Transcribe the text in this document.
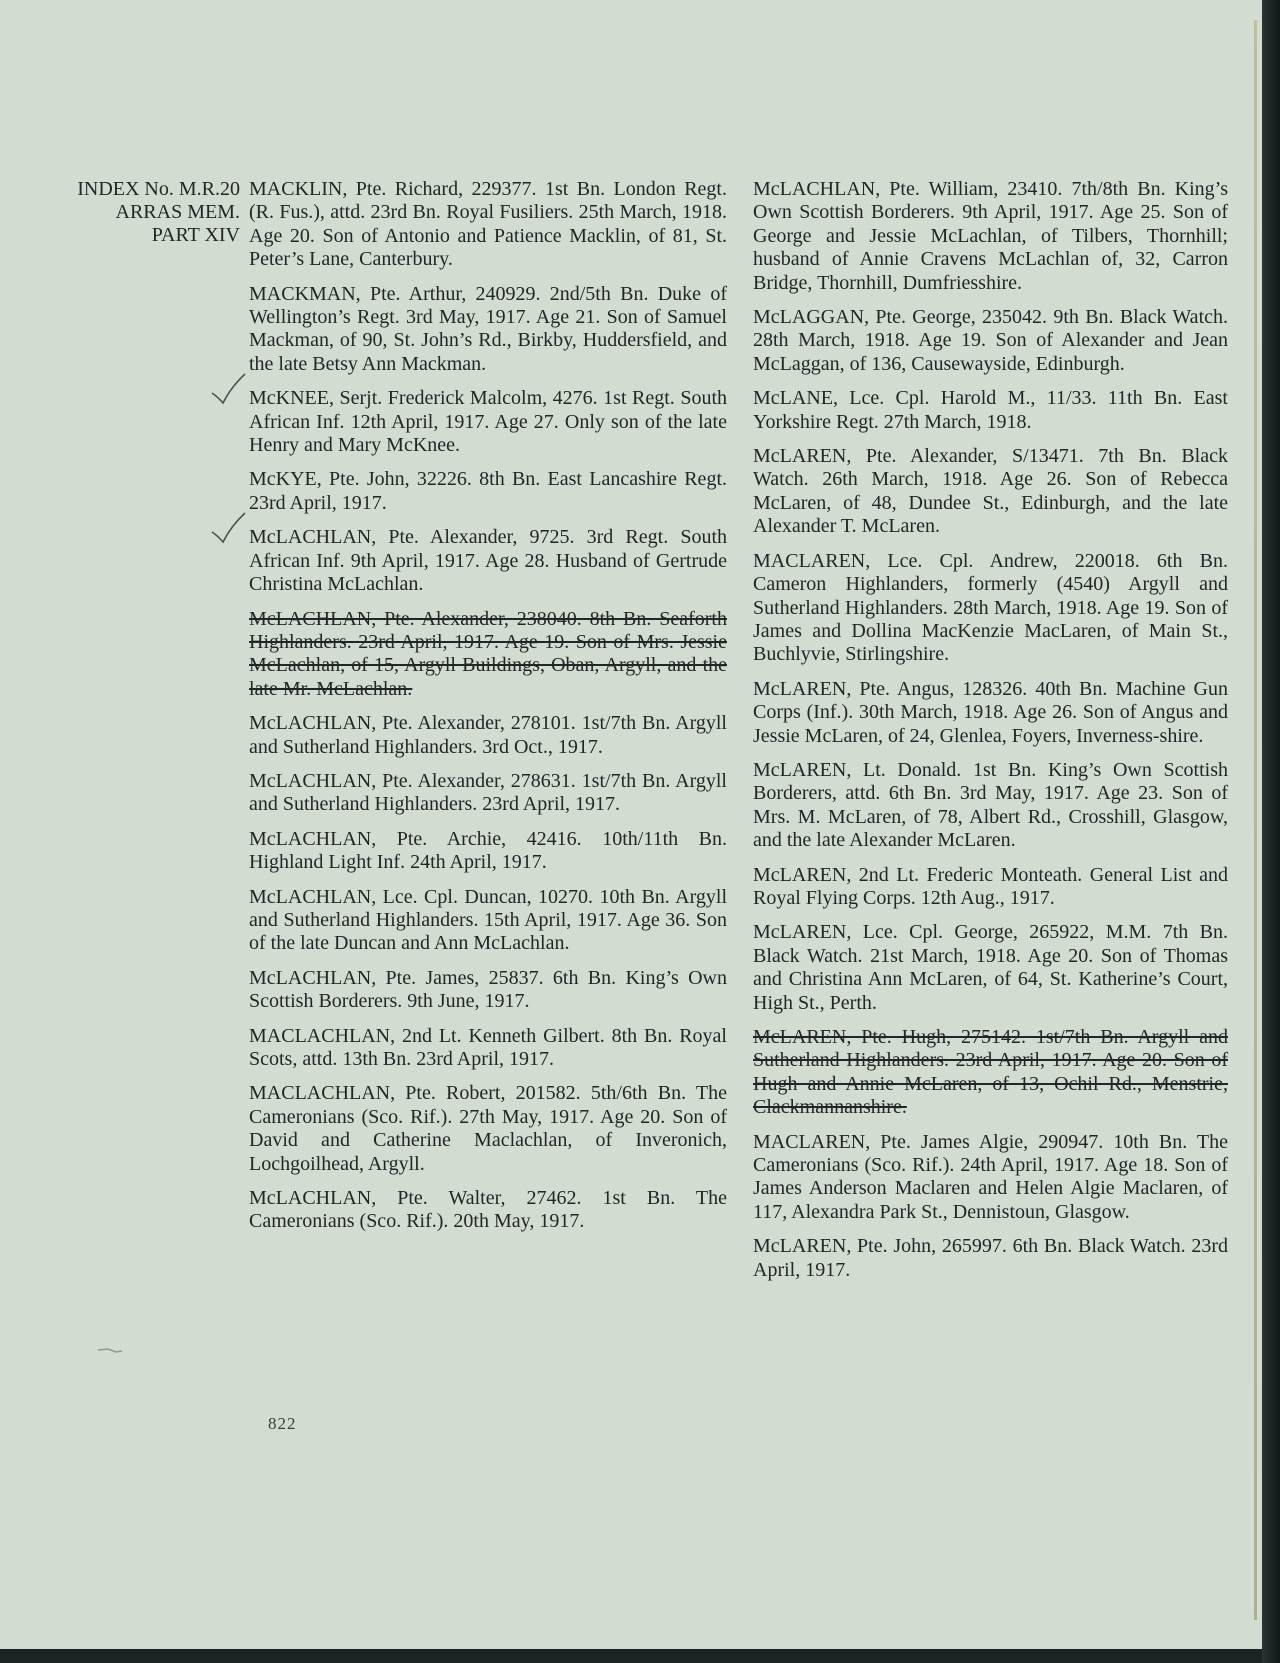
INDEX No. M.R.20
ARRAS MEM.
PART XIV
MACKLIN, Pte. Richard, 229377. 1st Bn. London Regt. (R. Fus.), attd. 23rd Bn. Royal Fusiliers. 25th March, 1918. Age 20. Son of Antonio and Patience Macklin, of 81, St. Peter’s Lane, Canterbury.
MACKMAN, Pte. Arthur, 240929. 2nd/5th Bn. Duke of Wellington’s Regt. 3rd May, 1917. Age 21. Son of Samuel Mackman, of 90, St. John’s Rd., Birkby, Huddersfield, and the late Betsy Ann Mackman.
McKNEE, Serjt. Frederick Malcolm, 4276. 1st Regt. South African Inf. 12th April, 1917. Age 27. Only son of the late Henry and Mary McKnee.
McKYE, Pte. John, 32226. 8th Bn. East Lancashire Regt. 23rd April, 1917.
McLACHLAN, Pte. Alexander, 9725. 3rd Regt. South African Inf. 9th April, 1917. Age 28. Husband of Gertrude Christina McLachlan.
McLACHLAN, Pte. Alexander, 238040. 8th Bn. Seaforth Highlanders. 23rd April, 1917. Age 19. Son of Mrs. Jessie McLachlan, of 15, Argyll Buildings, Oban, Argyll, and the late Mr. McLachlan.
McLACHLAN, Pte. Alexander, 278101. 1st/7th Bn. Argyll and Sutherland Highlanders. 3rd Oct., 1917.
McLACHLAN, Pte. Alexander, 278631. 1st/7th Bn. Argyll and Sutherland Highlanders. 23rd April, 1917.
McLACHLAN, Pte. Archie, 42416. 10th/11th Bn. Highland Light Inf. 24th April, 1917.
McLACHLAN, Lce. Cpl. Duncan, 10270. 10th Bn. Argyll and Sutherland Highlanders. 15th April, 1917. Age 36. Son of the late Duncan and Ann McLachlan.
McLACHLAN, Pte. James, 25837. 6th Bn. King’s Own Scottish Borderers. 9th June, 1917.
MACLACHLAN, 2nd Lt. Kenneth Gilbert. 8th Bn. Royal Scots, attd. 13th Bn. 23rd April, 1917.
MACLACHLAN, Pte. Robert, 201582. 5th/6th Bn. The Cameronians (Sco. Rif.). 27th May, 1917. Age 20. Son of David and Catherine Maclachlan, of Inveronich, Lochgoilhead, Argyll.
McLACHLAN, Pte. Walter, 27462. 1st Bn. The Cameronians (Sco. Rif.). 20th May, 1917.
McLACHLAN, Pte. William, 23410. 7th/8th Bn. King’s Own Scottish Borderers. 9th April, 1917. Age 25. Son of George and Jessie McLachlan, of Tilbers, Thornhill; husband of Annie Cravens McLachlan of, 32, Carron Bridge, Thornhill, Dumfriesshire.
McLAGGAN, Pte. George, 235042. 9th Bn. Black Watch. 28th March, 1918. Age 19. Son of Alexander and Jean McLaggan, of 136, Causewayside, Edinburgh.
McLANE, Lce. Cpl. Harold M., 11/33. 11th Bn. East Yorkshire Regt. 27th March, 1918.
McLAREN, Pte. Alexander, S/13471. 7th Bn. Black Watch. 26th March, 1918. Age 26. Son of Rebecca McLaren, of 48, Dundee St., Edinburgh, and the late Alexander T. McLaren.
MACLAREN, Lce. Cpl. Andrew, 220018. 6th Bn. Cameron Highlanders, formerly (4540) Argyll and Sutherland Highlanders. 28th March, 1918. Age 19. Son of James and Dollina MacKenzie MacLaren, of Main St., Buchlyvie, Stirlingshire.
McLAREN, Pte. Angus, 128326. 40th Bn. Machine Gun Corps (Inf.). 30th March, 1918. Age 26. Son of Angus and Jessie McLaren, of 24, Glenlea, Foyers, Inverness-shire.
McLAREN, Lt. Donald. 1st Bn. King’s Own Scottish Borderers, attd. 6th Bn. 3rd May, 1917. Age 23. Son of Mrs. M. McLaren, of 78, Albert Rd., Crosshill, Glasgow, and the late Alexander McLaren.
McLAREN, 2nd Lt. Frederic Monteath. General List and Royal Flying Corps. 12th Aug., 1917.
McLAREN, Lce. Cpl. George, 265922, M.M. 7th Bn. Black Watch. 21st March, 1918. Age 20. Son of Thomas and Christina Ann McLaren, of 64, St. Katherine’s Court, High St., Perth.
McLAREN, Pte. Hugh, 275142. 1st/7th Bn. Argyll and Sutherland Highlanders. 23rd April, 1917. Age 20. Son of Hugh and Annie McLaren, of 13, Ochil Rd., Menstrie, Clackmannanshire.
MACLAREN, Pte. James Algie, 290947. 10th Bn. The Cameronians (Sco. Rif.). 24th April, 1917. Age 18. Son of James Anderson Maclaren and Helen Algie Maclaren, of 117, Alexandra Park St., Dennistoun, Glasgow.
McLAREN, Pte. John, 265997. 6th Bn. Black Watch. 23rd April, 1917.
822
